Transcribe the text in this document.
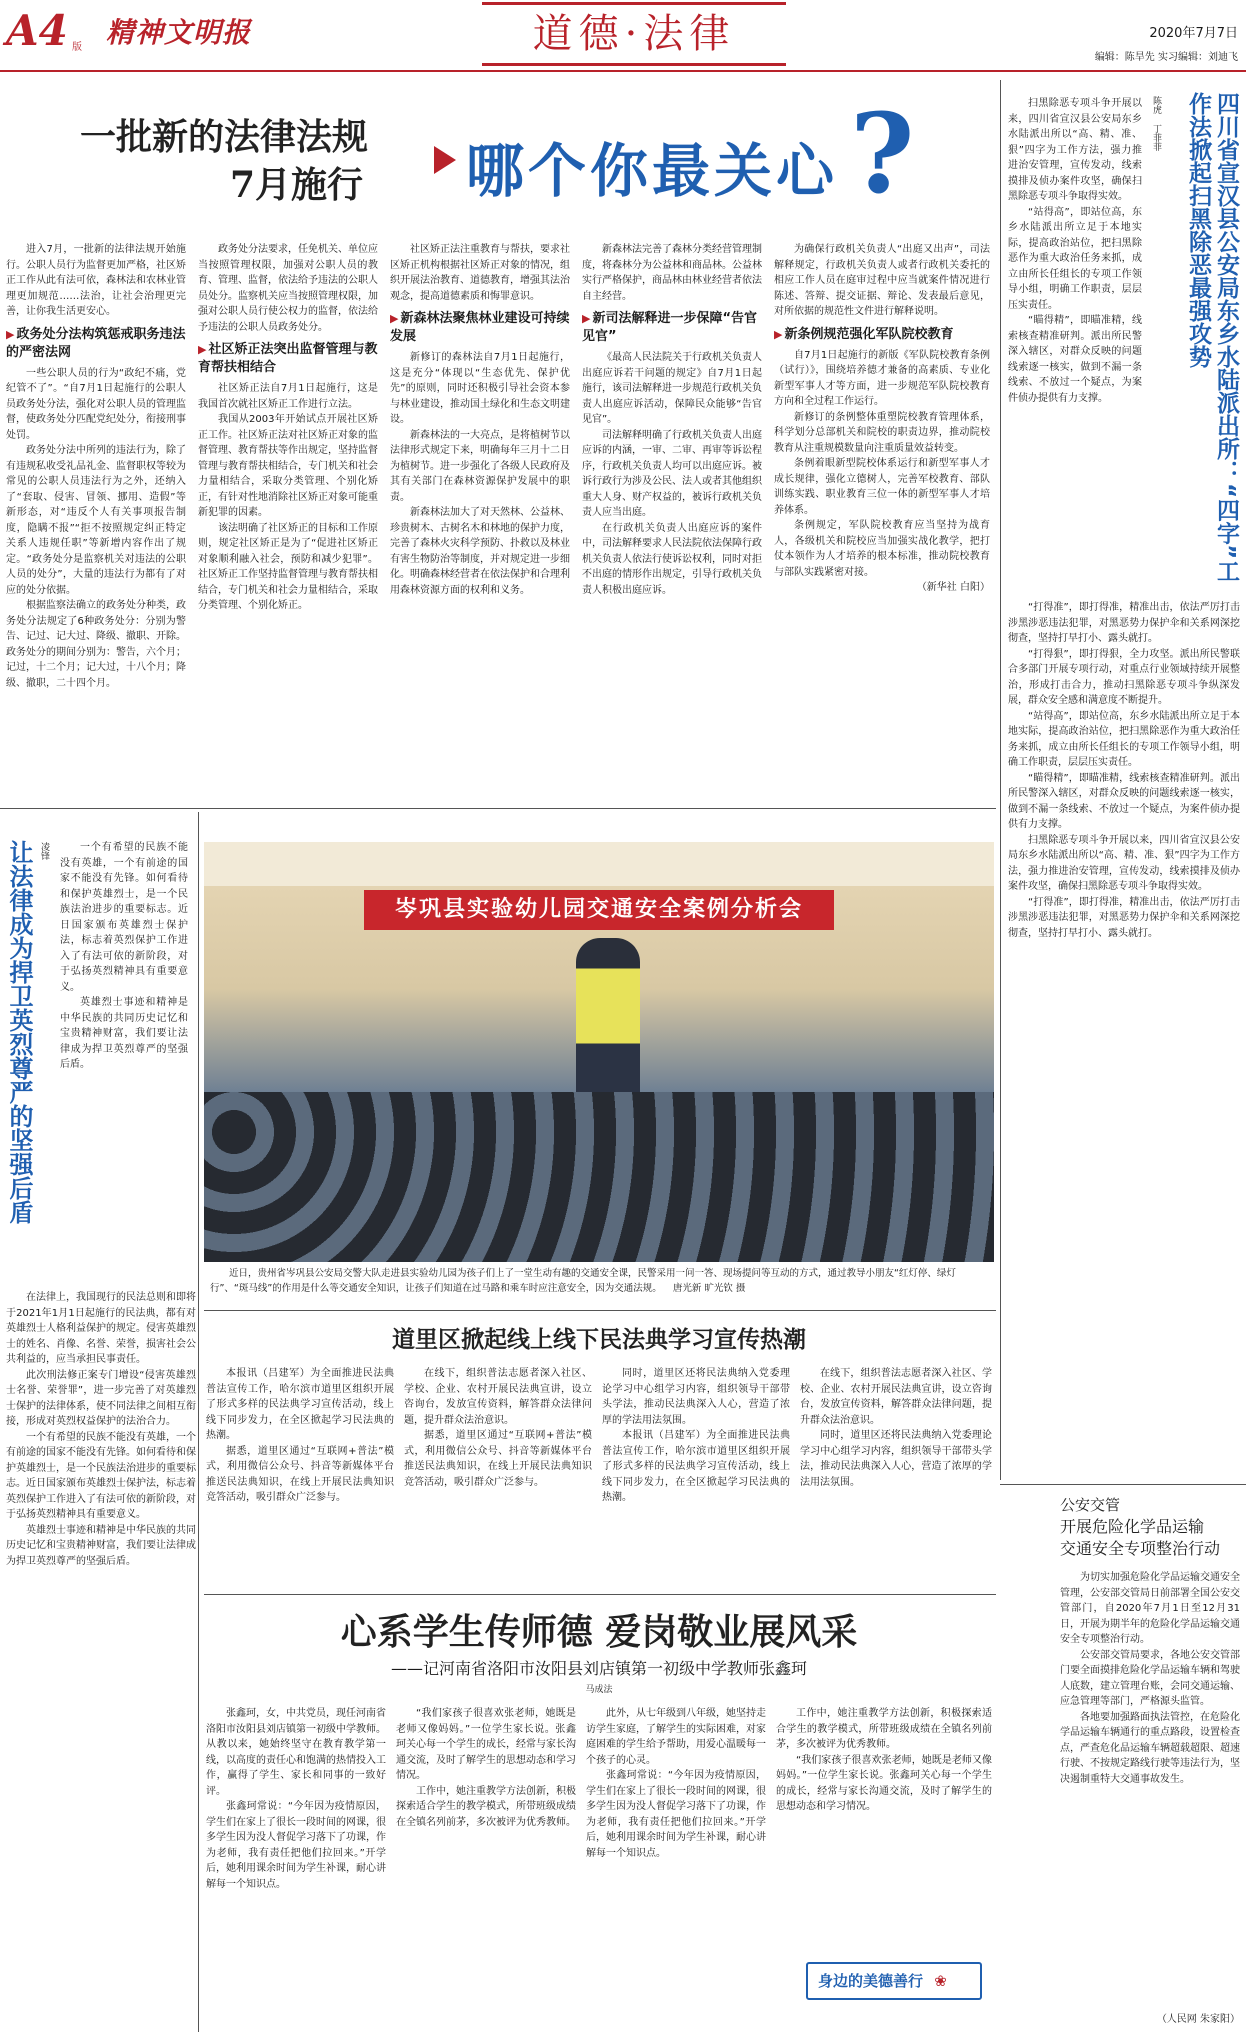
A4 版 精神文明报	道德·法律	2020年7月7日
编辑：陈旱先 实习编辑：刘迪飞
一批新的法律法规
7月施行 哪个你最关心 ?

进入7月，一批新的法律法规开始施行。公职人员行为监督更加严格，社区矫正工作从此有法可依，森林法和农林业管理更加规范……法治，让社会治理更完善，让你我生活更安心。

▶ 政务处分法构筑惩戒职务违法的严密法网

一些公职人员的行为“政纪不痛，党纪管不了”。“自7月1日起施行的公职人员政务处分法，强化对公职人员的管理监督，使政务处分匹配党纪处分，衔接刑事处罚。

政务处分法中所列的违法行为，除了有违规私收受礼品礼金、监督职权等较为常见的公职人员违法行为之外，还纳入了“套取、侵害、冒领、挪用、造假”等新形态，对“违反个人有关事项报告制度，隐瞒不报”“拒不按照规定纠正特定关系人违规任职”等新增内容作出了规定。“政务处分是监察机关对违法的公职人员的处分”，大量的违法行为都有了对应的处分依据。

根据监察法确立的政务处分种类，政务处分法规定了6种政务处分：分别为警告、记过、记大过、降级、撤职、开除。政务处分的期间分别为：警告，六个月；记过，十二个月；记大过，十八个月；降级、撤职，二十四个月。

政务处分法要求，任免机关、单位应当按照管理权限，加强对公职人员的教育、管理、监督，依法给予违法的公职人员处分。监察机关应当按照管理权限，加强对公职人员行使公权力的监督，依法给予违法的公职人员政务处分。

▶ 社区矫正法突出监督管理与教育帮扶相结合

社区矫正法自7月1日起施行，这是我国首次就社区矫正工作进行立法。

我国从2003年开始试点开展社区矫正工作。社区矫正法对社区矫正对象的监督管理、教育帮扶等作出规定，坚持监督管理与教育帮扶相结合，专门机关和社会力量相结合，采取分类管理、个别化矫正，有针对性地消除社区矫正对象可能重新犯罪的因素。

该法明确了社区矫正的目标和工作原则，规定社区矫正是为了“促进社区矫正对象顺利融入社会，预防和减少犯罪”。社区矫正工作坚持监督管理与教育帮扶相结合，专门机关和社会力量相结合，采取分类管理、个别化矫正。

社区矫正法注重教育与帮扶，要求社区矫正机构根据社区矫正对象的情况，组织开展法治教育、道德教育，增强其法治观念，提高道德素质和悔罪意识。

▶ 新森林法聚焦林业建设可持续发展

新修订的森林法自7月1日起施行，这是充分“体现以“生态优先、保护优先”的原则，同时还积极引导社会资本参与林业建设，推动国土绿化和生态文明建设。

新森林法的一大亮点，是将植树节以法律形式规定下来，明确每年三月十二日为植树节。进一步强化了各级人民政府及其有关部门在森林资源保护发展中的职责。

新森林法加大了对天然林、公益林、珍贵树木、古树名木和林地的保护力度，完善了森林火灾科学预防、扑救以及林业有害生物防治等制度，并对规定进一步细化。明确森林经营者在依法保护和合理利用森林资源方面的权利和义务。

新森林法完善了森林分类经营管理制度，将森林分为公益林和商品林。公益林实行严格保护，商品林由林业经营者依法自主经营。

▶ 新司法解释进一步保障“告官见官”

《最高人民法院关于行政机关负责人出庭应诉若干问题的规定》自7月1日起施行，该司法解释进一步规范行政机关负责人出庭应诉活动，保障民众能够“告官见官”。

司法解释明确了行政机关负责人出庭应诉的内涵，一审、二审、再审等诉讼程序，行政机关负责人均可以出庭应诉。被诉行政行为涉及公民、法人或者其他组织重大人身、财产权益的，被诉行政机关负责人应当出庭。

在行政机关负责人出庭应诉的案件中，司法解释要求人民法院依法保障行政机关负责人依法行使诉讼权利，同时对拒不出庭的情形作出规定，引导行政机关负责人积极出庭应诉。

为确保行政机关负责人“出庭又出声”，司法解释规定，行政机关负责人或者行政机关委托的相应工作人员在庭审过程中应当就案件情况进行陈述、答辩、提交证据、辩论、发表最后意见，对所依据的规范性文件进行解释说明。

▶ 新条例规范强化军队院校教育

自7月1日起施行的新版《军队院校教育条例（试行）》，围绕培养德才兼备的高素质、专业化新型军事人才等方面，进一步规范军队院校教育方向和全过程工作运行。

新修订的条例整体重塑院校教育管理体系，科学划分总部机关和院校的职责边界，推动院校教育从注重规模数量向注重质量效益转变。

条例着眼新型院校体系运行和新型军事人才成长规律，强化立德树人，完善军校教育、部队训练实践、职业教育三位一体的新型军事人才培养体系。

条例规定，军队院校教育应当坚持为战育人，各级机关和院校应当加强实战化教学，把打仗本领作为人才培养的根本标准，推动院校教育与部队实践紧密对接。

（新华社 白阳）
四川省宣汉县公安局东乡水陆派出所：“四字”工作法掀起扫黑除恶最强攻势
陈虎 丁菲菲

扫黑除恶专项斗争开展以来，四川省宣汉县公安局东乡水陆派出所以“高、精、准、狠”四字为工作方法，强力推进治安管理，宣传发动，线索摸排及侦办案件攻坚，确保扫黑除恶专项斗争取得实效。

“站得高”，即站位高，东乡水陆派出所立足于本地实际，提高政治站位，把扫黑除恶作为重大政治任务来抓，成立由所长任组长的专项工作领导小组，明确工作职责，层层压实责任。

“瞄得精”，即瞄准精，线索核查精准研判。派出所民警深入辖区，对群众反映的问题线索逐一核实，做到不漏一条线索、不放过一个疑点，为案件侦办提供有力支撑。

“打得准”，即打得准，精准出击，依法严厉打击涉黑涉恶违法犯罪，对黑恶势力保护伞和关系网深挖彻查，坚持打早打小、露头就打。

“打得狠”，即打得狠，全力攻坚。派出所民警联合多部门开展专项行动，对重点行业领域持续开展整治，形成打击合力，推动扫黑除恶专项斗争纵深发展，群众安全感和满意度不断提升。

“站得高”，即站位高，东乡水陆派出所立足于本地实际，提高政治站位，把扫黑除恶作为重大政治任务来抓，成立由所长任组长的专项工作领导小组，明确工作职责，层层压实责任。

“瞄得精”，即瞄准精，线索核查精准研判。派出所民警深入辖区，对群众反映的问题线索逐一核实，做到不漏一条线索、不放过一个疑点，为案件侦办提供有力支撑。

扫黑除恶专项斗争开展以来，四川省宣汉县公安局东乡水陆派出所以“高、精、准、狠”四字为工作方法，强力推进治安管理，宣传发动，线索摸排及侦办案件攻坚，确保扫黑除恶专项斗争取得实效。

“打得准”，即打得准，精准出击，依法严厉打击涉黑涉恶违法犯罪，对黑恶势力保护伞和关系网深挖彻查，坚持打早打小、露头就打。

让法律成为捍卫英烈尊严的坚强后盾 凌锋	一个有希望的民族不能没有英雄，一个有前途的国家不能没有先锋。如何看待和保护英雄烈士，是一个民族法治进步的重要标志。近日国家颁布英雄烈士保护法，标志着英烈保护工作进入了有法可依的新阶段，对于弘扬英烈精神具有重要意义。

英雄烈士事迹和精神是中华民族的共同历史记忆和宝贵精神财富，我们要让法律成为捍卫英烈尊严的坚强后盾。

在法律上，我国现行的民法总则和即将于2021年1月1日起施行的民法典，都有对英雄烈士人格利益保护的规定。侵害英雄烈士的姓名、肖像、名誉、荣誉，损害社会公共利益的，应当承担民事责任。

此次刑法修正案专门增设“侵害英雄烈士名誉、荣誉罪”，进一步完善了对英雄烈士保护的法律体系，使不同法律之间相互衔接，形成对英烈权益保护的法治合力。

一个有希望的民族不能没有英雄，一个有前途的国家不能没有先锋。如何看待和保护英雄烈士，是一个民族法治进步的重要标志。近日国家颁布英雄烈士保护法，标志着英烈保护工作进入了有法可依的新阶段，对于弘扬英烈精神具有重要意义。

英雄烈士事迹和精神是中华民族的共同历史记忆和宝贵精神财富，我们要让法律成为捍卫英烈尊严的坚强后盾。

岑巩县实验幼儿园交通安全案例分析会
近日，贵州省岑巩县公安局交警大队走进县实验幼儿园为孩子们上了一堂生动有趣的交通安全课，民警采用一问一答、现场提问等互动的方式，通过教导小朋友“红灯停、绿灯行”、“斑马线”的作用是什么等交通安全知识，让孩子们知道在过马路和乘车时应注意安全，因为交通法规。 唐光新 旷光钦 摄
道里区掀起线上线下民法典学习宣传热潮

本报讯（吕建军）为全面推进民法典普法宣传工作，哈尔滨市道里区组织开展了形式多样的民法典学习宣传活动，线上线下同步发力，在全区掀起学习民法典的热潮。

据悉，道里区通过“互联网+普法”模式，利用微信公众号、抖音等新媒体平台推送民法典知识，在线上开展民法典知识竞答活动，吸引群众广泛参与。

在线下，组织普法志愿者深入社区、学校、企业、农村开展民法典宣讲，设立咨询台，发放宣传资料，解答群众法律问题，提升群众法治意识。

据悉，道里区通过“互联网+普法”模式，利用微信公众号、抖音等新媒体平台推送民法典知识，在线上开展民法典知识竞答活动，吸引群众广泛参与。

同时，道里区还将民法典纳入党委理论学习中心组学习内容，组织领导干部带头学法，推动民法典深入人心，营造了浓厚的学法用法氛围。

本报讯（吕建军）为全面推进民法典普法宣传工作，哈尔滨市道里区组织开展了形式多样的民法典学习宣传活动，线上线下同步发力，在全区掀起学习民法典的热潮。

在线下，组织普法志愿者深入社区、学校、企业、农村开展民法典宣讲，设立咨询台，发放宣传资料，解答群众法律问题，提升群众法治意识。

同时，道里区还将民法典纳入党委理论学习中心组学习内容，组织领导干部带头学法，推动民法典深入人心，营造了浓厚的学法用法氛围。

心系学生传师德 爱岗敬业展风采
——记河南省洛阳市汝阳县刘店镇第一初级中学教师张鑫珂
马成法

张鑫珂，女，中共党员，现任河南省洛阳市汝阳县刘店镇第一初级中学教师。从教以来，她始终坚守在教育教学第一线，以高度的责任心和饱满的热情投入工作，赢得了学生、家长和同事的一致好评。

张鑫珂常说：“今年因为疫情原因，学生们在家上了很长一段时间的网课，很多学生因为没人督促学习落下了功课，作为老师，我有责任把他们拉回来。”开学后，她利用课余时间为学生补课，耐心讲解每一个知识点。

“我们家孩子很喜欢张老师，她既是老师又像妈妈。”一位学生家长说。张鑫珂关心每一个学生的成长，经常与家长沟通交流，及时了解学生的思想动态和学习情况。

工作中，她注重教学方法创新，积极探索适合学生的教学模式，所带班级成绩在全镇名列前茅，多次被评为优秀教师。

此外，从七年级到八年级，她坚持走访学生家庭，了解学生的实际困难，对家庭困难的学生给予帮助，用爱心温暖每一个孩子的心灵。

张鑫珂常说：“今年因为疫情原因，学生们在家上了很长一段时间的网课，很多学生因为没人督促学习落下了功课，作为老师，我有责任把他们拉回来。”开学后，她利用课余时间为学生补课，耐心讲解每一个知识点。

工作中，她注重教学方法创新，积极探索适合学生的教学模式，所带班级成绩在全镇名列前茅，多次被评为优秀教师。

“我们家孩子很喜欢张老师，她既是老师又像妈妈。”一位学生家长说。张鑫珂关心每一个学生的成长，经常与家长沟通交流，及时了解学生的思想动态和学习情况。

身边的美德善行 ❀
公安交管
开展危险化学品运输
交通安全专项整治行动

为切实加强危险化学品运输交通安全管理，公安部交管局日前部署全国公安交管部门，自2020年7月1日至12月31日，开展为期半年的危险化学品运输交通安全专项整治行动。

公安部交管局要求，各地公安交管部门要全面摸排危险化学品运输车辆和驾驶人底数，建立管理台账，会同交通运输、应急管理等部门，严格源头监管。

各地要加强路面执法管控，在危险化学品运输车辆通行的重点路段，设置检查点，严查危化品运输车辆超载超限、超速行驶、不按规定路线行驶等违法行为，坚决遏制重特大交通事故发生。

（人民网 朱家阳）
